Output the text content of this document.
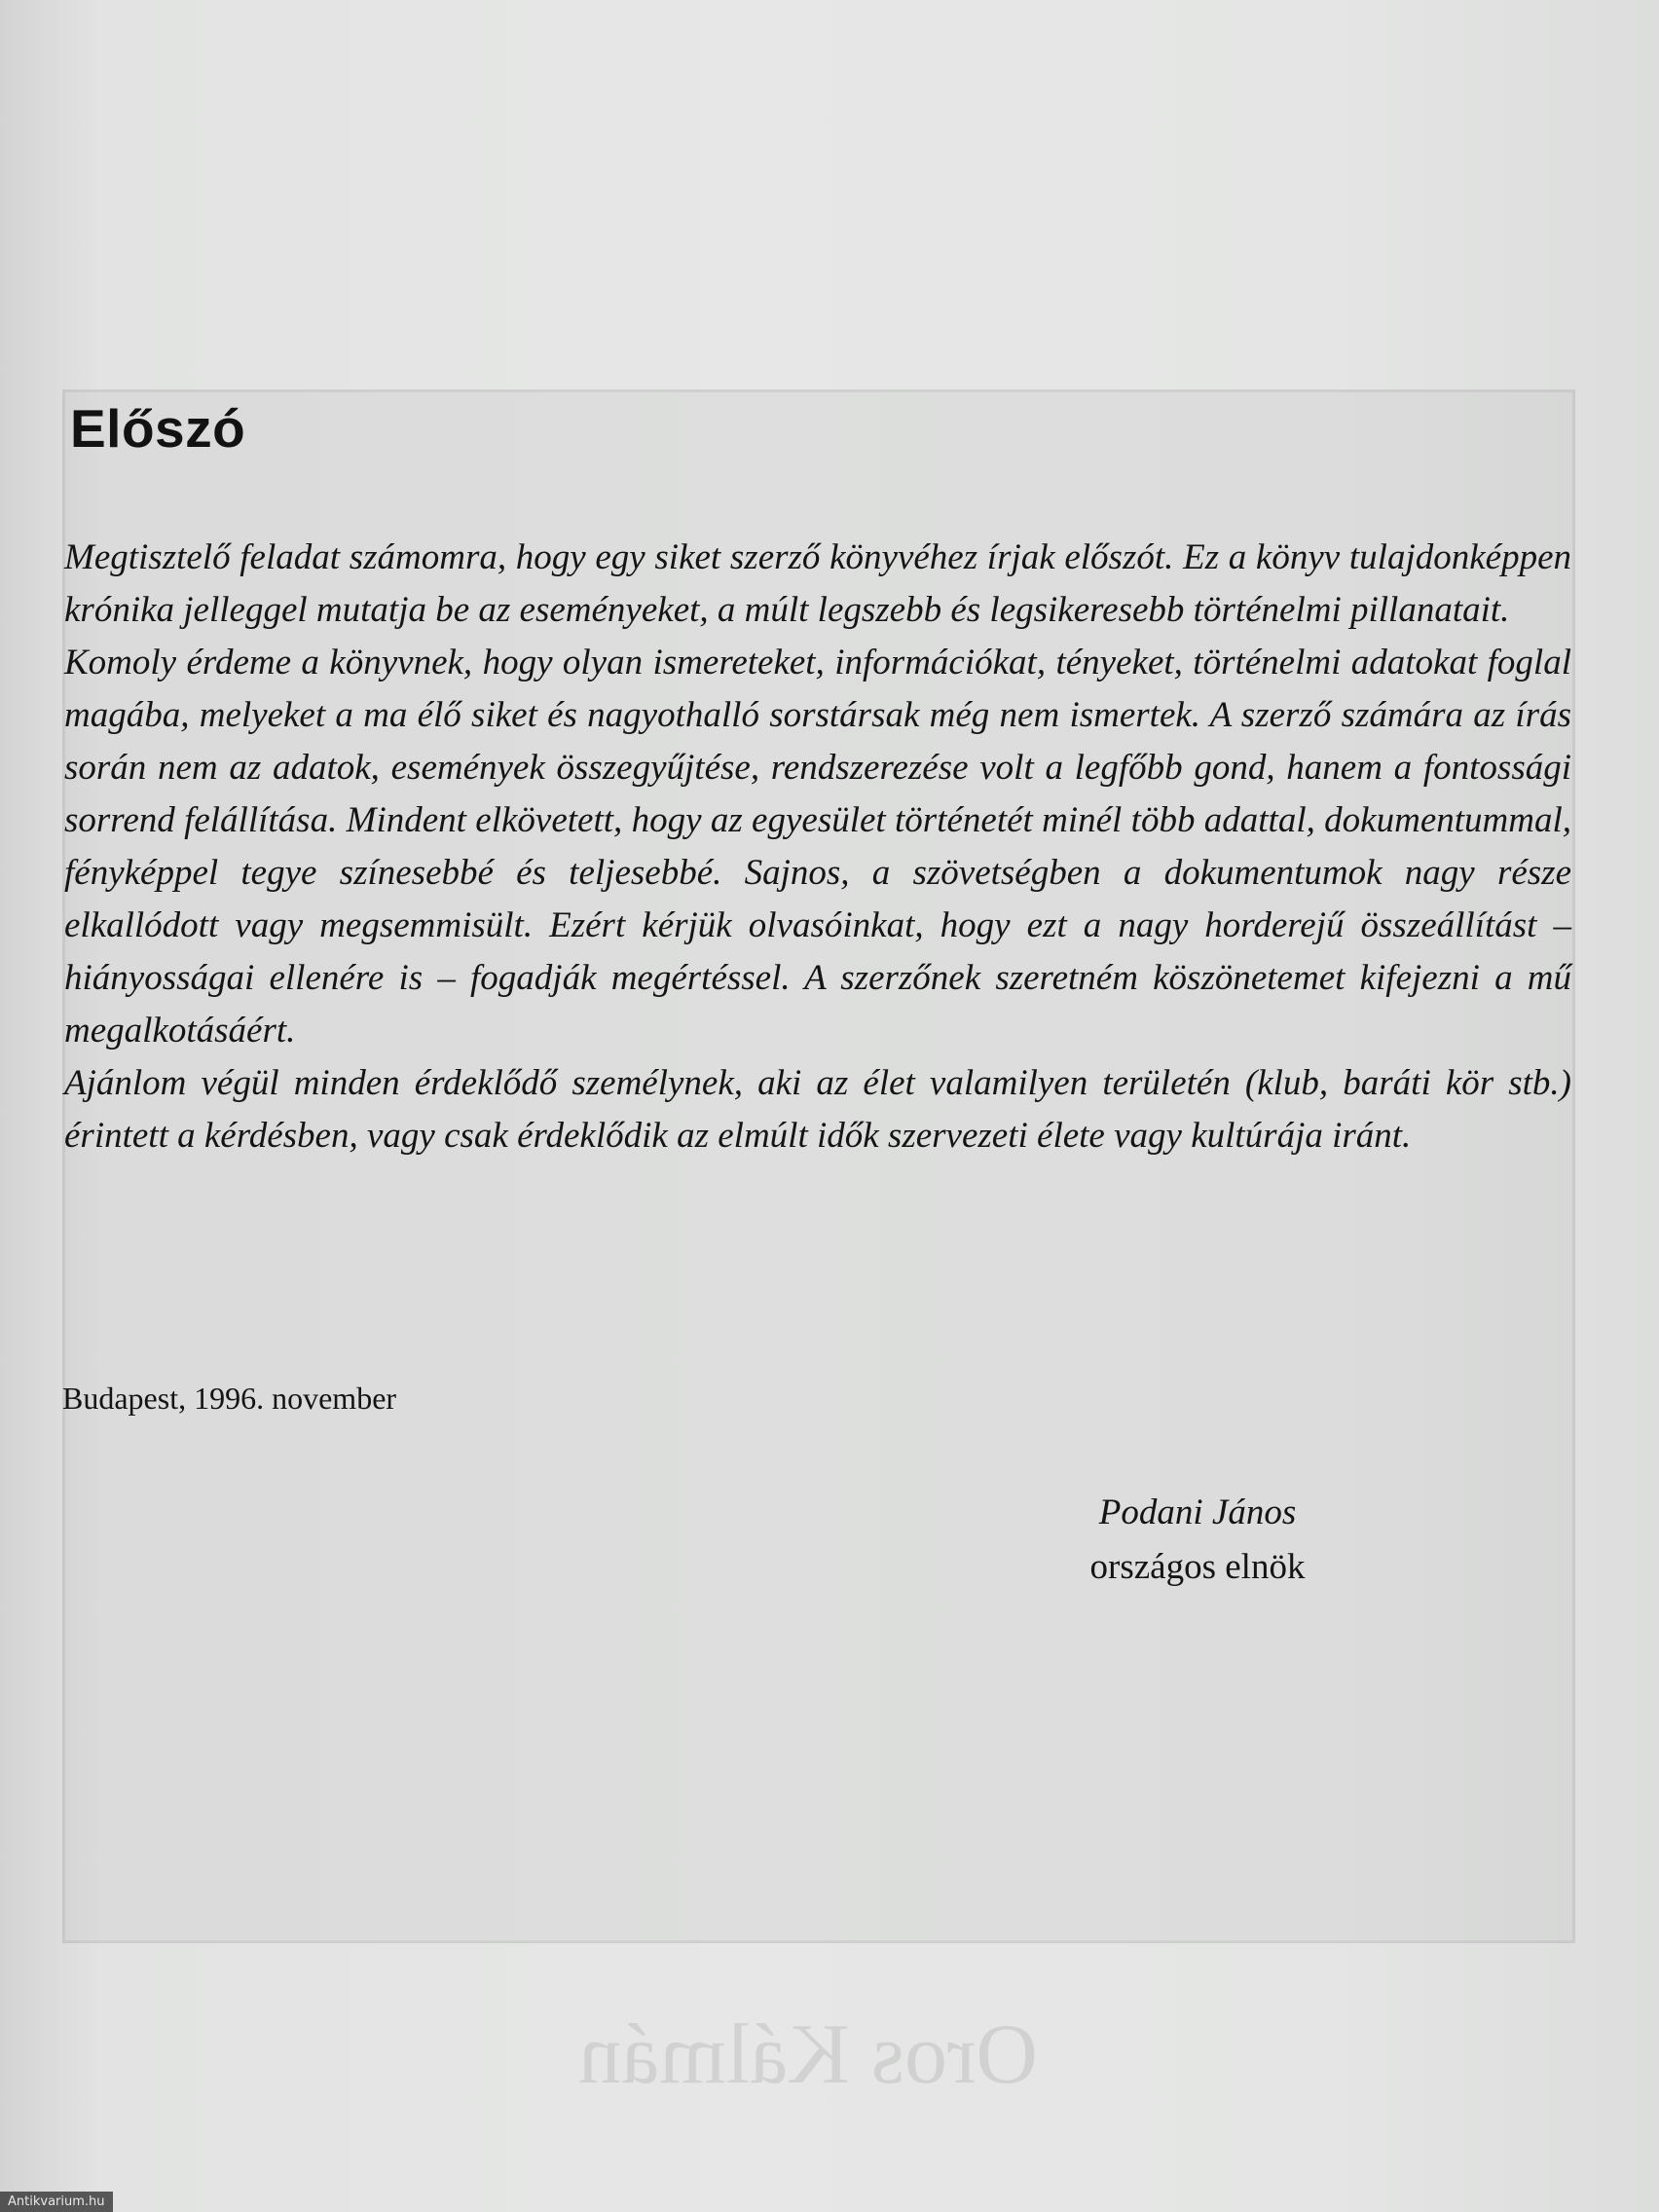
Oros Kálmán
Előszó

Megtisztelő feladat számomra, hogy egy siket szerző könyvéhez írjak előszót. Ez a könyv tulajdonképpen krónika jelleggel mutatja be az eseményeket, a múlt legszebb és legsikeresebb történelmi pillanatait.

Komoly érdeme a könyvnek, hogy olyan ismereteket, információkat, tényeket, történelmi adatokat foglal magába, melyeket a ma élő siket és nagyothalló sorstársak még nem ismertek. A szerző számára az írás során nem az adatok, események összegyűjtése, rendszerezése volt a legfőbb gond, hanem a fontossági sorrend felállítása. Mindent elkövetett, hogy az egyesület történetét minél több adattal, dokumentummal, fényképpel tegye színesebbé és teljesebbé. Sajnos, a szövetségben a dokumentumok nagy része elkallódott vagy megsemmisült. Ezért kérjük olvasóinkat, hogy ezt a nagy horderejű összeállítást – hiányosságai ellenére is – fogadják megértéssel. A szerzőnek szeretném köszönetemet kifejezni a mű megalkotásáért.

Ajánlom végül minden érdeklődő személynek, aki az élet valamilyen területén (klub, baráti kör stb.) érintett a kérdésben, vagy csak érdeklődik az elmúlt idők szervezeti élete vagy kultúrája iránt.

Budapest, 1996. november
Podani János
országos elnök
Antikvarium.hu
